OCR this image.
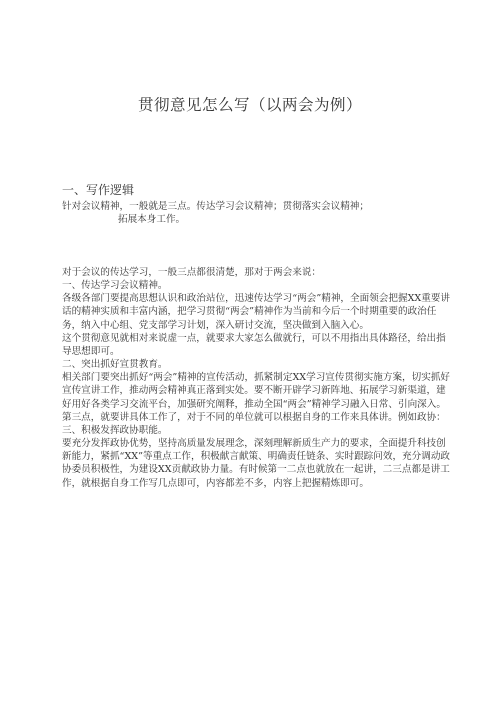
贯彻意见怎么写（以两会为例）
一、写作逻辑
针对会议精神，一般就是三点。传达学习会议精神；贯彻落实会议精神；
拓展本身工作。

对于会议的传达学习，一般三点都很清楚，那对于两会来说：

一、传达学习会议精神。

各级各部门要提高思想认识和政治站位，迅速传达学习“两会”精神，全面领会把握XX重要讲话的精神实质和丰富内涵，把学习贯彻“两会”精神作为当前和今后一个时期重要的政治任务，纳入中心组、党支部学习计划，深入研讨交流，坚决做到入脑入心。

这个贯彻意见就相对来说虚一点，就要求大家怎么做就行，可以不用指出具体路径，给出指导思想即可。

二、突出抓好宣贯教育。

相关部门要突出抓好“两会”精神的宣传活动，抓紧制定XX学习宣传贯彻实施方案，切实抓好宣传宣讲工作，推动两会精神真正落到实处。要不断开辟学习新阵地、拓展学习新渠道，建好用好各类学习交流平台，加强研究阐释，推动全国“两会”精神学习融入日常、引向深入。

第三点，就要讲具体工作了，对于不同的单位就可以根据自身的工作来具体讲。例如政协：

三、积极发挥政协职能。

要充分发挥政协优势，坚持高质量发展理念，深刻理解新质生产力的要求，全面提升科技创新能力，紧抓“XX”等重点工作，积极献言献策、明确责任链条、实时跟踪问效，充分调动政协委员积极性，为建设XX贡献政协力量。有时候第一二点也就放在一起讲，二三点都是讲工作，就根据自身工作写几点即可，内容都差不多，内容上把握精炼即可。
